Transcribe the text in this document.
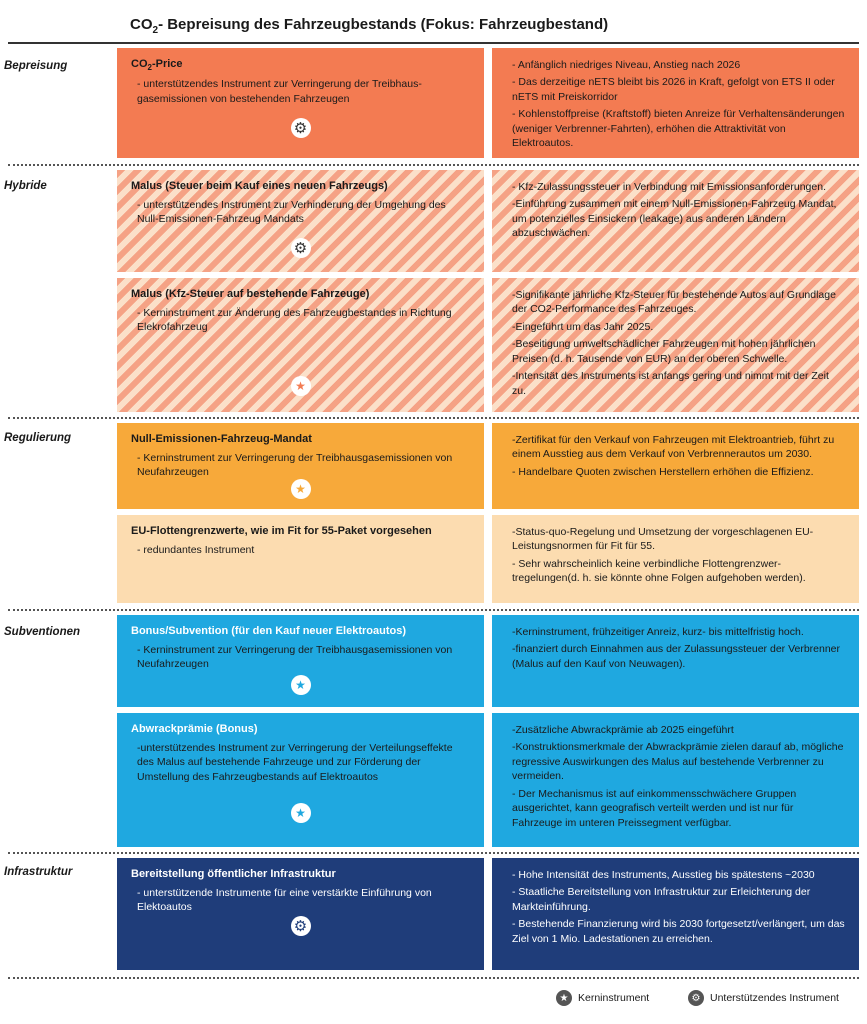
$CO_2-$ Bepreisung des Fahrzeugbestands (Fokus: Fahrzeugbestand)
Bepreisung
Hybride
Regulierung
Subventionen
Infrastruktur
$CO_2$-Price
- unterstützendes Instrument zur Verringerung der Treibhausgasemissionen von bestehenden Fahrzeugen
⚙
- Anfänglich niedriges Niveau, Anstieg nach 2026
- Das derzeitige nETS bleibt bis 2026 in Kraft, gefolgt von ETS II oder nETS mit Preiskorridor
- Kohlenstoffpreise (Kraftstoff) bieten Anreize für Verhaltensänderungen (weniger Verbrenner-Fahrten), erhöhen die Attraktivität von Elektroautos.
Malus (Steuer beim Kauf eines neuen Fahrzeugs)
- unterstützendes Instrument zur Verhinderung der Umgehung des Null-Emissionen-Fahrzeug Mandats
⚙
- Kfz-Zulassungssteuer in Verbindung mit Emissionsanforderungen.
-Einführung zusammen mit einem Null-Emissionen-Fahrzeug Mandat, um potenzielles Einsickern (leakage) aus anderen Ländern abzuschwächen.
Malus (Kfz-Steuer auf bestehende Fahrzeuge)
- Kerninstrument zur Änderung des Fahrzeugbestandes in Richtung Elekrofahrzeug
★
-Signifikante jährliche Kfz-Steuer für bestehende Autos auf Grundlage der CO2-Performance des Fahrzeuges.
-Eingeführt um das Jahr 2025.
-Beseitigung umweltschädlicher Fahrzeugen mit hohen jährlichen Preisen (d. h. Tausende von EUR) an der oberen Schwelle.
-Intensität des Instruments ist anfangs gering und nimmt mit der Zeit zu.
Null-Emissionen-Fahrzeug-Mandat
- Kerninstrument zur Verringerung der Treibhausgasemissionen von Neufahrzeugen
★
-Zertifikat für den Verkauf von Fahrzeugen mit Elektroantrieb, führt zu einem Ausstieg aus dem Verkauf von Verbrennerautos um 2030.
- Handelbare Quoten zwischen Herstellern erhöhen die Effizienz.
EU-Flottengrenzwerte, wie im Fit for 55-Paket vorgesehen
- redundantes Instrument
-Status-quo-Regelung und Umsetzung der vorgeschlagenen EU-Leistungsnormen für Fit für 55.
- Sehr wahrscheinlich keine verbindliche Flottengrenzwertregelungen(d. h. sie könnte ohne Folgen aufgehoben werden).
Bonus/Subvention (für den Kauf neuer Elektroautos)
- Kerninstrument zur Verringerung der Treibhausgasemissionen von Neufahrzeugen
★
-Kerninstrument, frühzeitiger Anreiz, kurz- bis mittelfristig hoch.
-finanziert durch Einnahmen aus der Zulassungssteuer der Verbrenner (Malus auf den Kauf von Neuwagen).
Abwrackprämie (Bonus)
-unterstützendes Instrument zur Verringerung der Verteilungseffekte des Malus auf bestehende Fahrzeuge und zur Förderung der Umstellung des Fahrzeugbestands auf Elektroautos
★
-Zusätzliche Abwrackprämie ab 2025 eingeführt
-Konstruktionsmerkmale der Abwrackprämie zielen darauf ab, mögliche regressive Auswirkungen des Malus auf bestehende Verbrenner zu vermeiden.
- Der Mechanismus ist auf einkommensschwächere Gruppen ausgerichtet, kann geografisch verteilt werden und ist nur für Fahrzeuge im unteren Preissegment verfügbar.
Bereitstellung öffentlicher Infrastruktur
- unterstützende Instrumente für eine verstärkte Einführung von Elektoautos
⚙
- Hohe Intensität des Instruments, Ausstieg bis spätestens ~2030
- Staatliche Bereitstellung von Infrastruktur zur Erleichterung der Markteinführung.
- Bestehende Finanzierung wird bis 2030 fortgesetzt/verlängert, um das Ziel von 1 Mio. Ladestationen zu erreichen.
★ Kerninstrument	⚙ Unterstützendes Instrument
